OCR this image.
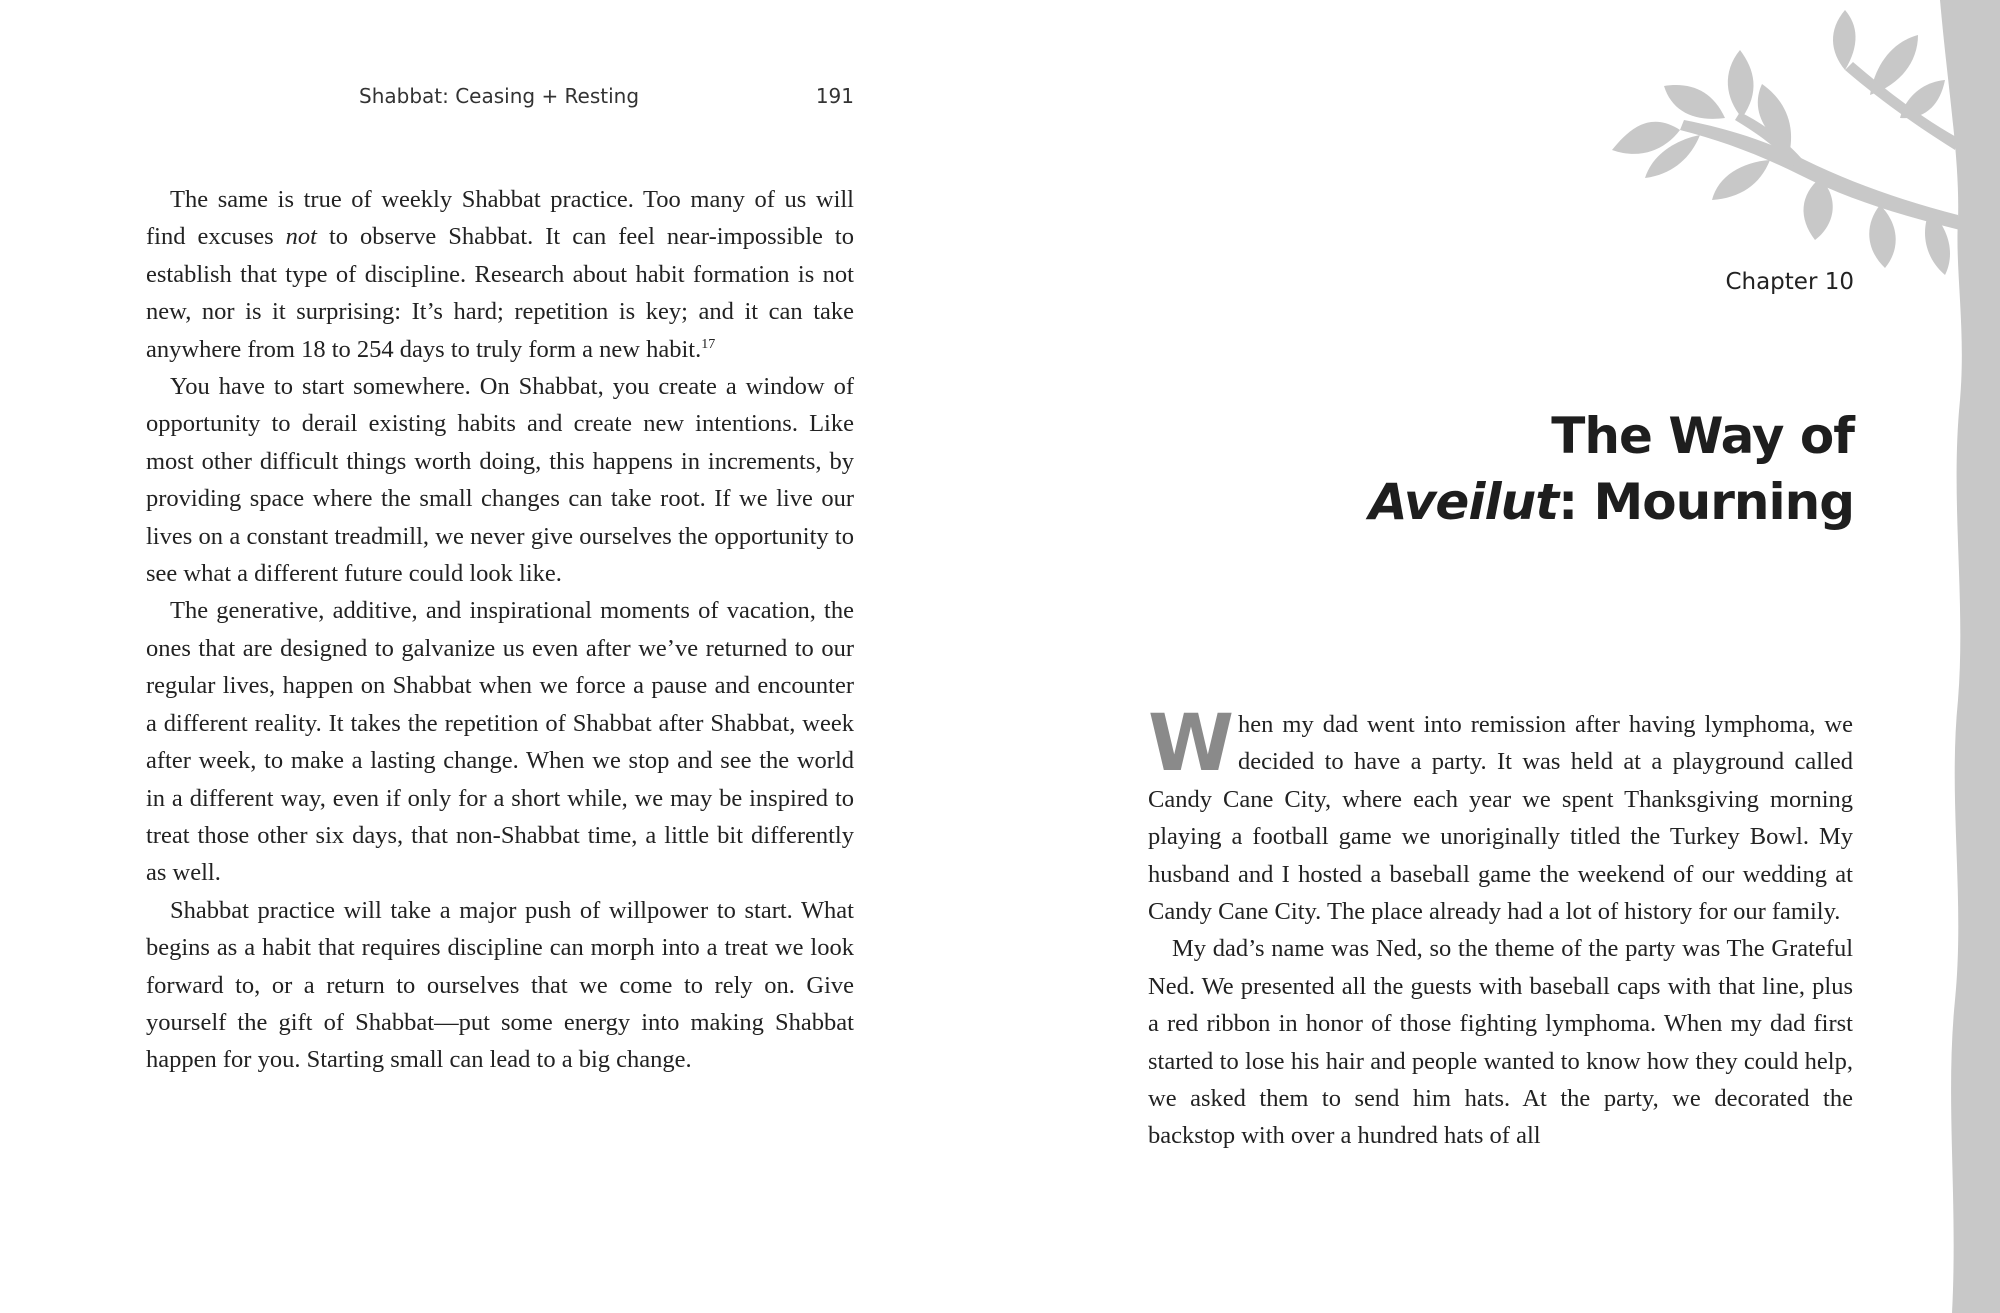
Shabbat: Ceasing + Resting	191

The same is true of weekly Shabbat practice. Too many of us will find excuses not to observe Shabbat. It can feel near-impossible to establish that type of discipline. Research about habit formation is not new, nor is it surprising: It’s hard; repetition is key; and it can take anywhere from 18 to 254 days to truly form a new habit.$^{17}$

You have to start somewhere. On Shabbat, you create a window of opportunity to derail existing habits and create new intentions. Like most other difficult things worth doing, this happens in increments, by providing space where the small changes can take root. If we live our lives on a constant treadmill, we never give ourselves the opportunity to see what a different future could look like.

The generative, additive, and inspirational moments of vacation, the ones that are designed to galvanize us even after we’ve returned to our regular lives, happen on Shabbat when we force a pause and encounter a different reality. It takes the repetition of Shabbat after Shabbat, week after week, to make a lasting change. When we stop and see the world in a different way, even if only for a short while, we may be inspired to treat those other six days, that non-Shabbat time, a little bit differently as well.

Shabbat practice will take a major push of willpower to start. What begins as a habit that requires discipline can morph into a treat we look forward to, or a return to ourselves that we come to rely on. Give yourself the gift of Shabbat—put some energy into making Shabbat happen for you. Starting small can lead to a big change.

Chapter 10
The Way of
Aveilut: Mourning

When my dad went into remission after having lymphoma, we decided to have a party. It was held at a playground called Candy Cane City, where each year we spent Thanksgiving morning playing a football game we unoriginally titled the Turkey Bowl. My husband and I hosted a baseball game the weekend of our wedding at Candy Cane City. The place already had a lot of history for our family.

My dad’s name was Ned, so the theme of the party was The Grateful Ned. We presented all the guests with baseball caps with that line, plus a red ribbon in honor of those fighting lymphoma. When my dad first started to lose his hair and people wanted to know how they could help, we asked them to send him hats. At the party, we decorated the backstop with over a hundred hats of all
